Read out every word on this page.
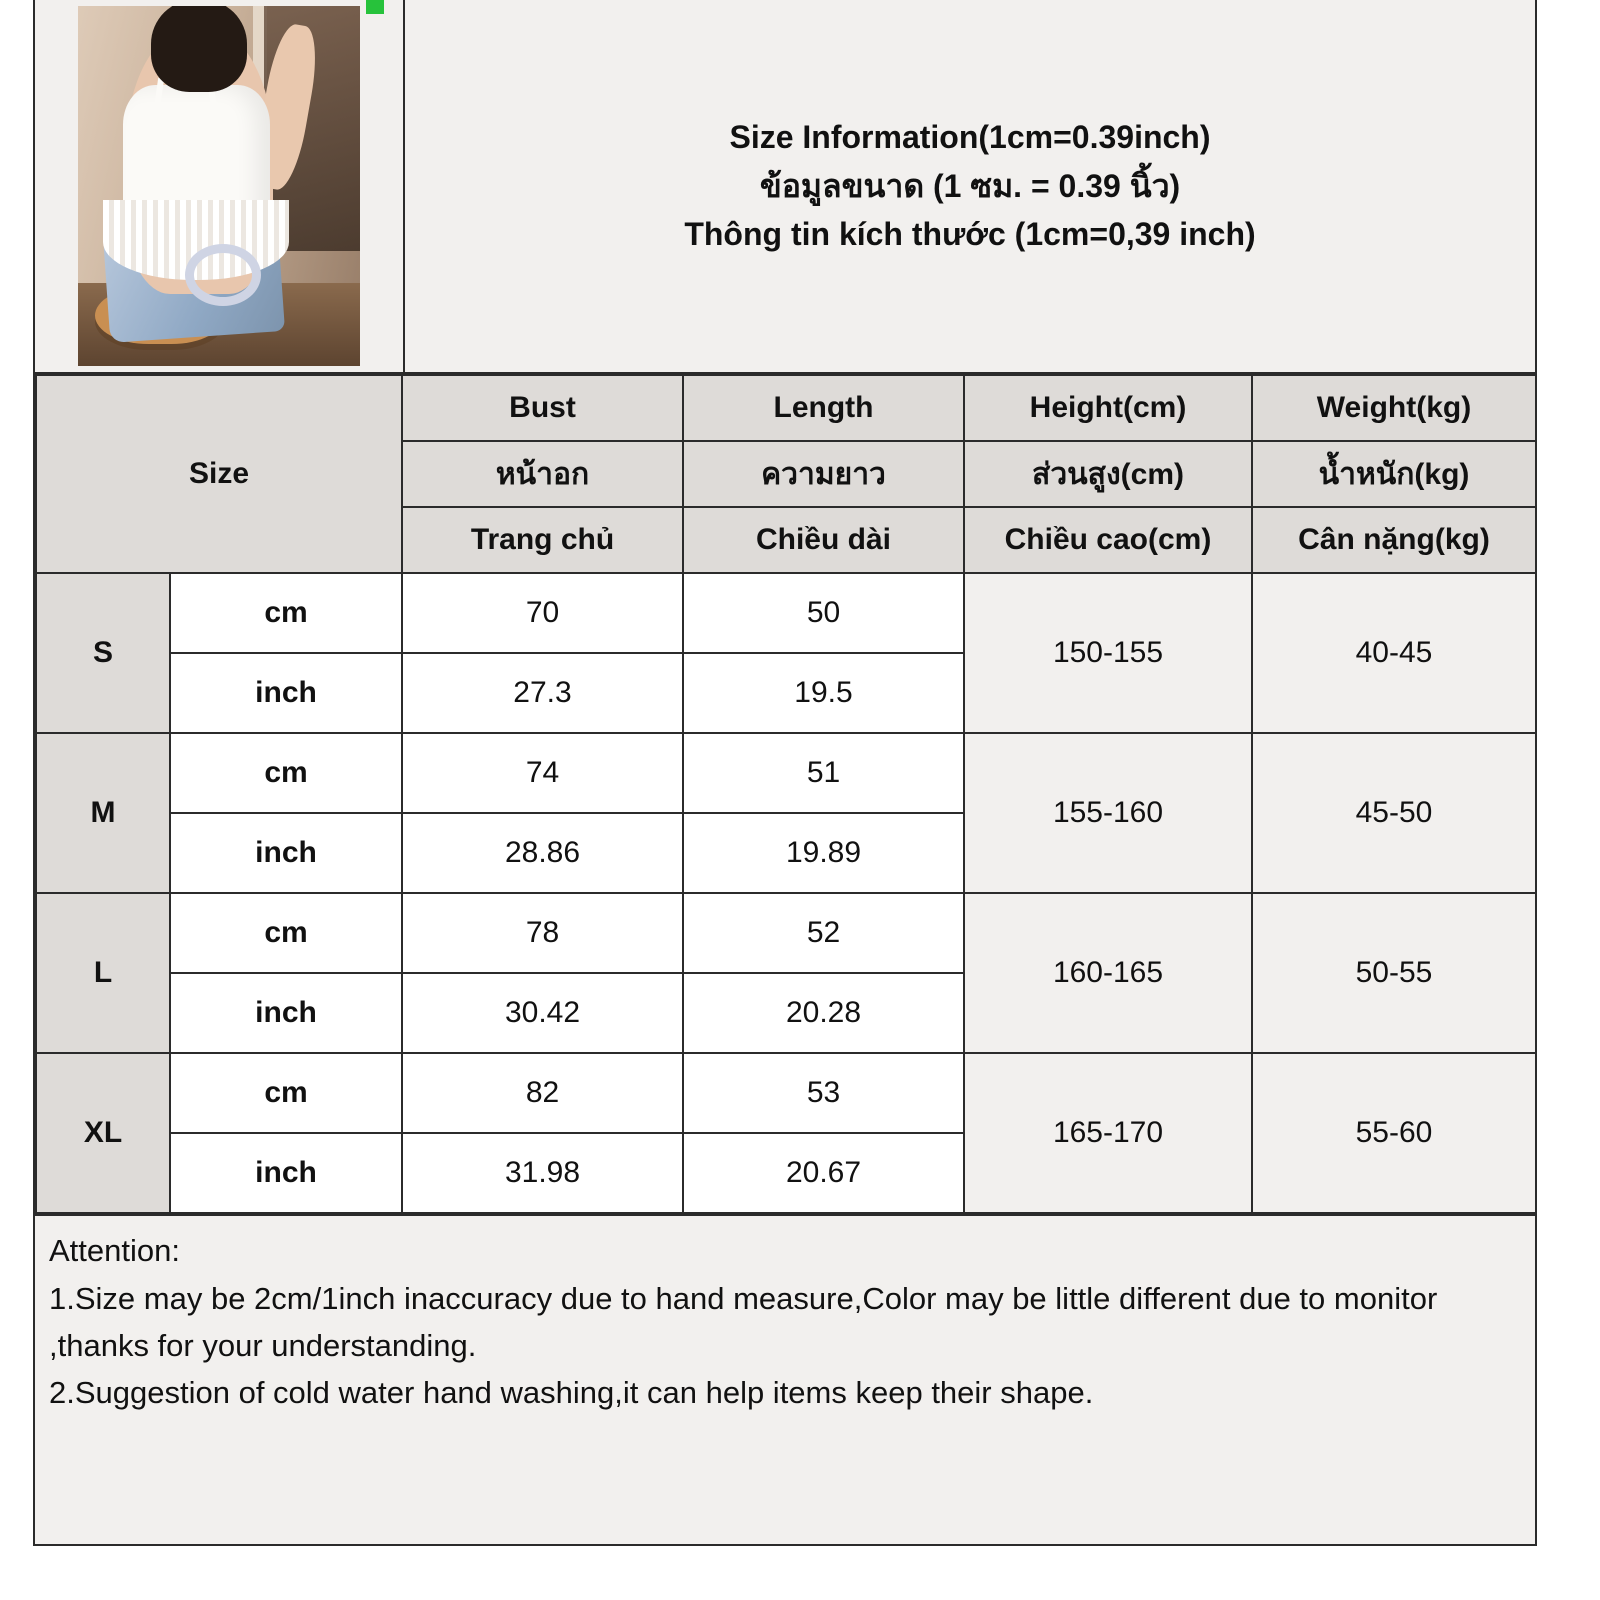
Size Information(1cm=0.39inch)
ข้อมูลขนาด (1 ซม. = 0.39 นิ้ว)
Thông tin kích thước (1cm=0,39 inch)
Size		Bust	Length	Height(cm)	Weight(kg)
		หน้าอก	ความยาว	ส่วนสูง(cm)	น้ำหนัก(kg)
		Trang chủ	Chiều dài	Chiều cao(cm)	Cân nặng(kg)
S	cm	70	50	150-155	40-45
	inch	27.3	19.5		
M	cm	74	51	155-160	45-50
	inch	28.86	19.89		
L	cm	78	52	160-165	50-55
	inch	30.42	20.28		
XL	cm	82	53	165-170	55-60
	inch	31.98	20.67		
Attention:

1.Size may be 2cm/1inch inaccuracy due to hand measure,Color may be little different due to monitor ,thanks for your understanding.

2.Suggestion of cold water hand washing,it can help items keep their shape.
